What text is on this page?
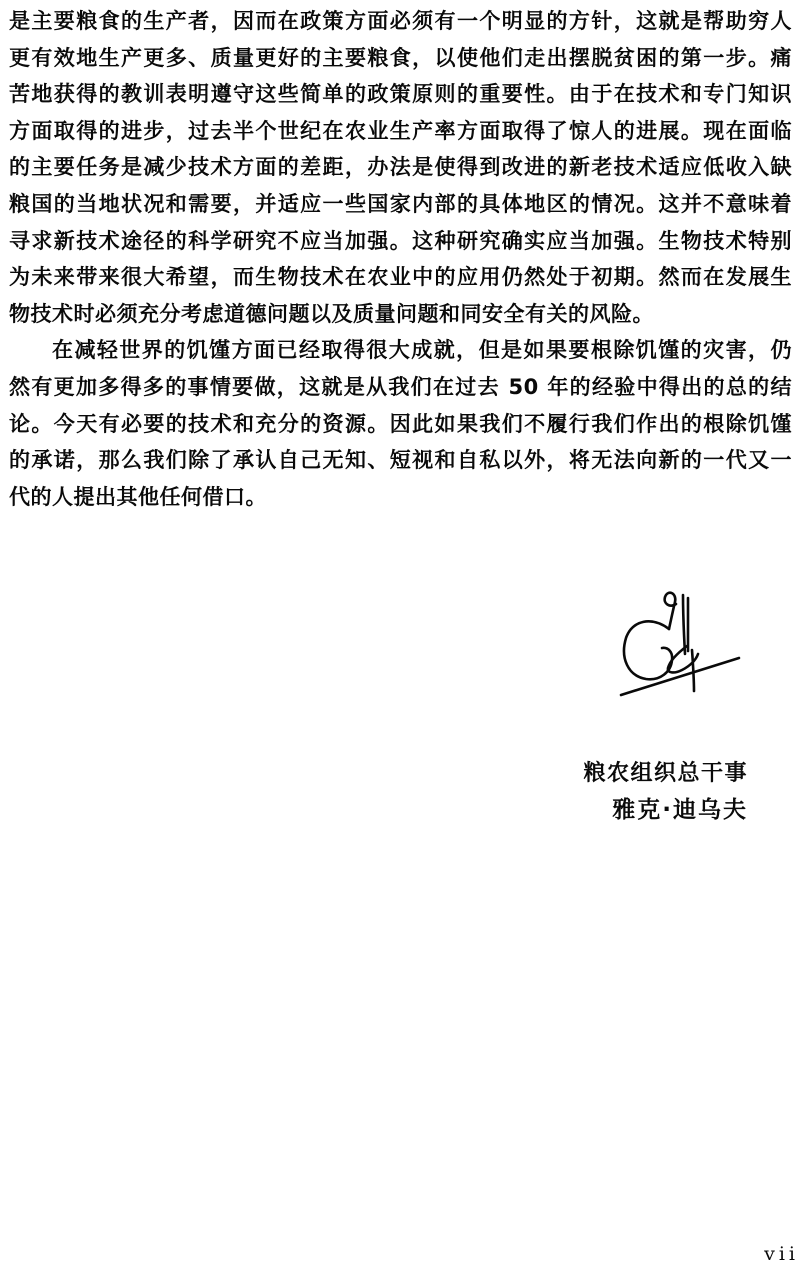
是主要粮食的生产者，因而在政策方面必须有一个明显的方针，这就是帮助穷人
更有效地生产更多、质量更好的主要粮食，以使他们走出摆脱贫困的第一步。痛
苦地获得的教训表明遵守这些简单的政策原则的重要性。由于在技术和专门知识
方面取得的进步，过去半个世纪在农业生产率方面取得了惊人的进展。现在面临
的主要任务是减少技术方面的差距，办法是使得到改进的新老技术适应低收入缺
粮国的当地状况和需要，并适应一些国家内部的具体地区的情况。这并不意味着
寻求新技术途径的科学研究不应当加强。这种研究确实应当加强。生物技术特别
为未来带来很大希望，而生物技术在农业中的应用仍然处于初期。然而在发展生
物技术时必须充分考虑道德问题以及质量问题和同安全有关的风险。
在减轻世界的饥馑方面已经取得很大成就，但是如果要根除饥馑的灾害，仍
然有更加多得多的事情要做，这就是从我们在过去 50 年的经验中得出的总的结
论。今天有必要的技术和充分的资源。因此如果我们不履行我们作出的根除饥馑
的承诺，那么我们除了承认自己无知、短视和自私以外，将无法向新的一代又一
代的人提出其他任何借口。
粮农组织总干事
雅克·迪乌夫
vii
